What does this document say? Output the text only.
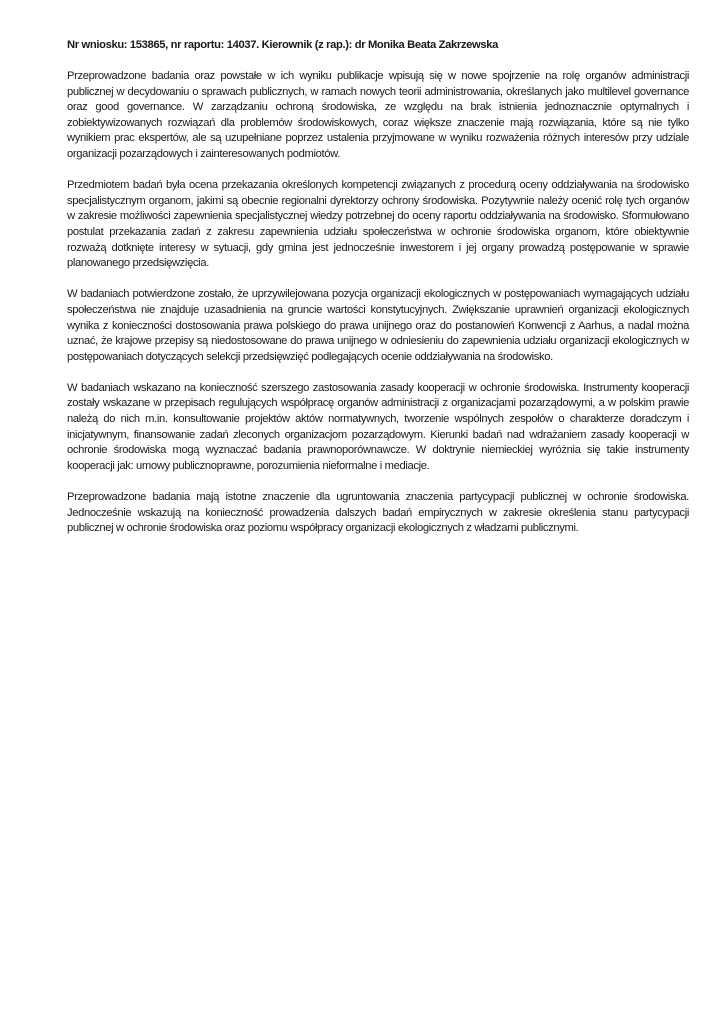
Nr wniosku: 153865, nr raportu: 14037. Kierownik (z rap.): dr Monika Beata Zakrzewska

Przeprowadzone badania oraz powstałe w ich wyniku publikacje wpisują się w nowe spojrzenie na rolę organów administracji publicznej w decydowaniu o sprawach publicznych, w ramach nowych teorii administrowania, określanych jako multilevel governance oraz good governance. W zarządzaniu ochroną środowiska, ze względu na brak istnienia jednoznacznie optymalnych i zobiektywizowanych rozwiązań dla problemów środowiskowych, coraz większe znaczenie mają rozwiązania, które są nie tylko wynikiem prac ekspertów, ale są uzupełniane poprzez ustalenia przyjmowane w wyniku rozważenia różnych interesów przy udziale organizacji pozarządowych i zainteresowanych podmiotów.

Przedmiotem badań była ocena przekazania określonych kompetencji związanych z procedurą oceny oddziaływania na środowisko specjalistycznym organom, jakimi są obecnie regionalni dyrektorzy ochrony środowiska. Pozytywnie należy ocenić rolę tych organów w zakresie możliwości zapewnienia specjalistycznej wiedzy potrzebnej do oceny raportu oddziaływania na środowisko. Sformułowano postulat przekazania zadań z zakresu zapewnienia udziału społeczeństwa w ochronie środowiska organom, które obiektywnie rozważą dotknięte interesy w sytuacji, gdy gmina jest jednocześnie inwestorem i jej organy prowadzą postępowanie w sprawie planowanego przedsięwzięcia.

W badaniach potwierdzone zostało, że uprzywilejowana pozycja organizacji ekologicznych w postępowaniach wymagających udziału społeczeństwa nie znajduje uzasadnienia na gruncie wartości konstytucyjnych. Zwiększanie uprawnień organizacji ekologicznych wynika z konieczności dostosowania prawa polskiego do prawa unijnego oraz do postanowień Konwencji z Aarhus, a nadal można uznać, że krajowe przepisy są niedostosowane do prawa unijnego w odniesieniu do zapewnienia udziału organizacji ekologicznych w postępowaniach dotyczących selekcji przedsięwzięć podlegających ocenie oddziaływania na środowisko.

W badaniach wskazano na konieczność szerszego zastosowania zasady kooperacji w ochronie środowiska. Instrumenty kooperacji zostały wskazane w przepisach regulujących współpracę organów administracji z organizacjami pozarządowymi, a w polskim prawie należą do nich m.in. konsultowanie projektów aktów normatywnych, tworzenie wspólnych zespołów o charakterze doradczym i inicjatywnym, finansowanie zadań zleconych organizacjom pozarządowym. Kierunki badań nad wdrażaniem zasady kooperacji w ochronie środowiska mogą wyznaczać badania prawnoporównawcze. W doktrynie niemieckiej wyróżnia się takie instrumenty kooperacji jak: umowy publicznoprawne, porozumienia nieformalne i mediacje.

Przeprowadzone badania mają istotne znaczenie dla ugruntowania znaczenia partycypacji publicznej w ochronie środowiska. Jednocześnie wskazują na konieczność prowadzenia dalszych badań empirycznych w zakresie określenia stanu partycypacji publicznej w ochronie środowiska oraz poziomu współpracy organizacji ekologicznych z władzami publicznymi.
